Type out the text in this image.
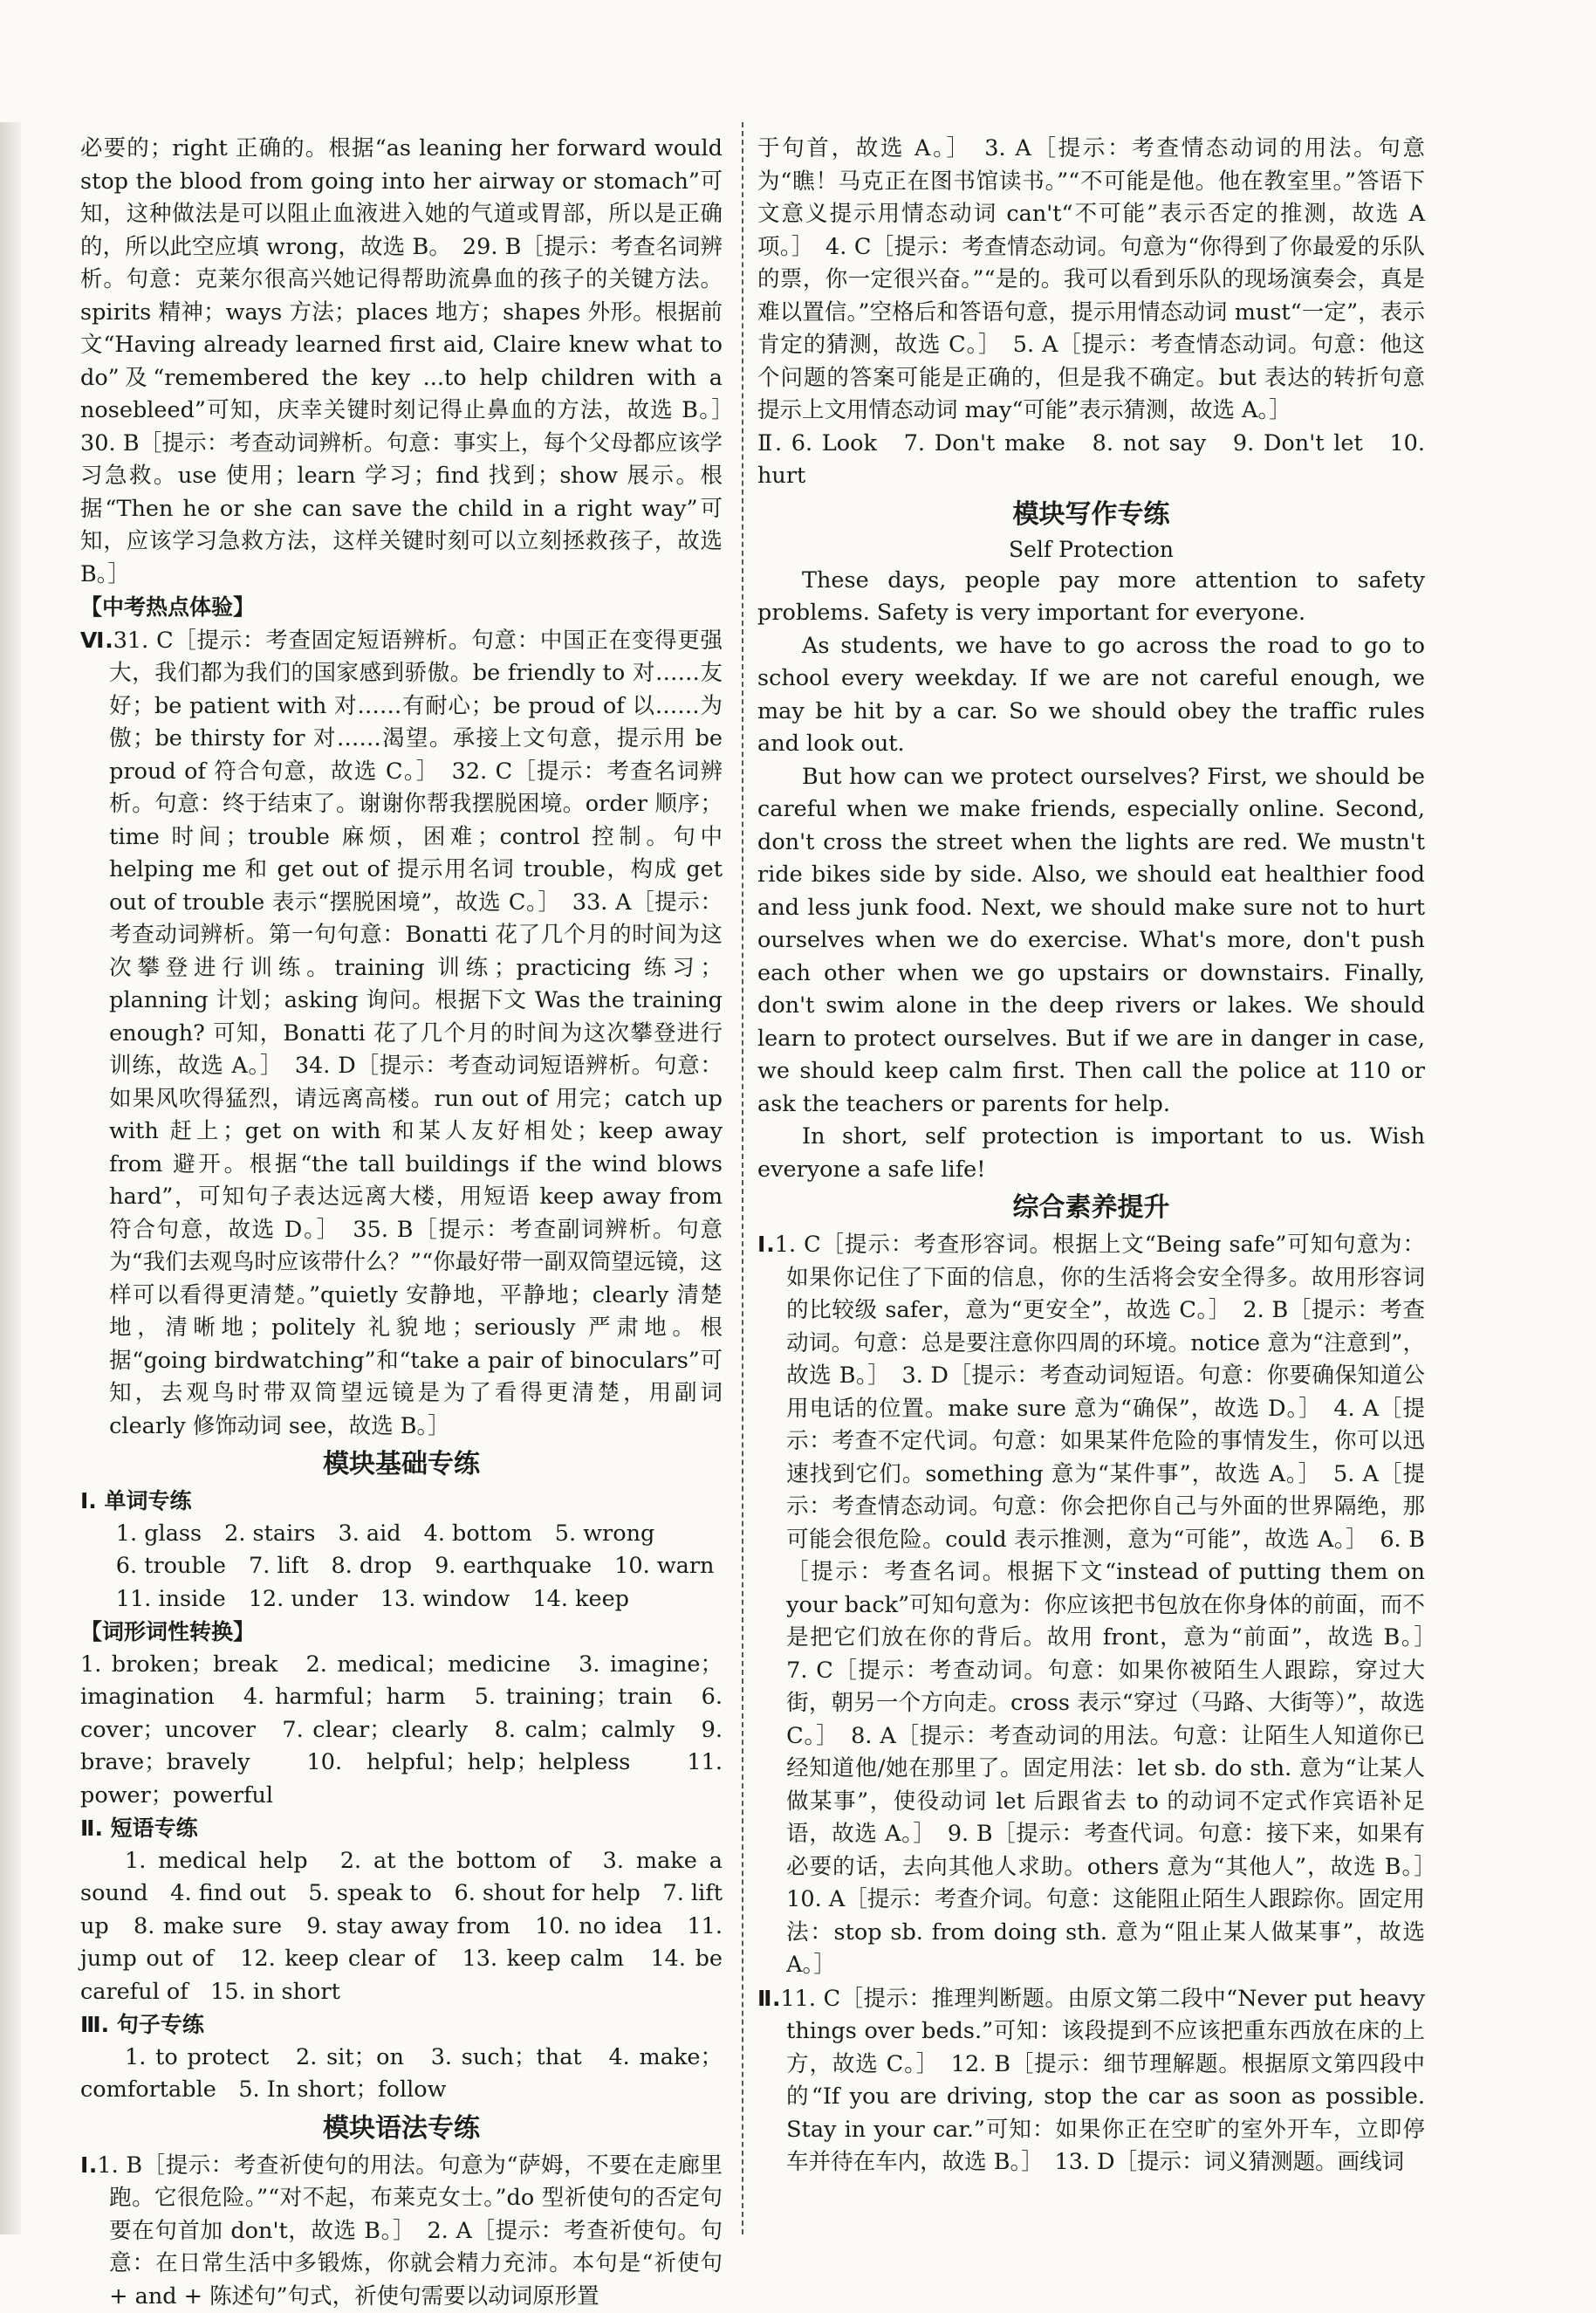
必要的；right 正确的。根据“as leaning her forward would stop the blood from going into her airway or stomach”可知，这种做法是可以阻止血液进入她的气道或胃部，所以是正确的，所以此空应填 wrong，故选 B。　29. B［提示：考查名词辨析。句意：克莱尔很高兴她记得帮助流鼻血的孩子的关键方法。spirits 精神；ways 方法；places 地方；shapes 外形。根据前文“Having already learned first aid, Claire knew what to do”及“remembered the key ...to help children with a nosebleed”可知，庆幸关键时刻记得止鼻血的方法，故选 B。］　30. B［提示：考查动词辨析。句意：事实上，每个父母都应该学习急救。use 使用；learn 学习；find 找到；show 展示。根据“Then he or she can save the child in a right way”可知，应该学习急救方法，这样关键时刻可以立刻拯救孩子，故选 B。］

【中考热点体验】

Ⅵ.31. C［提示：考查固定短语辨析。句意：中国正在变得更强大，我们都为我们的国家感到骄傲。be friendly to 对……友好；be patient with 对……有耐心；be proud of 以……为傲；be thirsty for 对……渴望。承接上文句意，提示用 be proud of 符合句意，故选 C。］　32. C［提示：考查名词辨析。句意：终于结束了。谢谢你帮我摆脱困境。order 顺序；time 时间；trouble 麻烦，困难；control 控制。句中 helping me 和 get out of 提示用名词 trouble，构成 get out of trouble 表示“摆脱困境”，故选 C。］　33. A［提示：考查动词辨析。第一句句意：Bonatti 花了几个月的时间为这次攀登进行训练。training 训练；practicing 练习；planning 计划；asking 询问。根据下文 Was the training enough? 可知，Bonatti 花了几个月的时间为这次攀登进行训练，故选 A。］　34. D［提示：考查动词短语辨析。句意：如果风吹得猛烈，请远离高楼。run out of 用完；catch up with 赶上；get on with 和某人友好相处；keep away from 避开。根据“the tall buildings if the wind blows hard”，可知句子表达远离大楼，用短语 keep away from 符合句意，故选 D。］　35. B［提示：考查副词辨析。句意为“我们去观鸟时应该带什么？”“你最好带一副双筒望远镜，这样可以看得更清楚。”quietly 安静地，平静地；clearly 清楚地，清晰地；politely 礼貌地；seriously 严肃地。根据“going birdwatching”和“take a pair of binoculars”可知，去观鸟时带双筒望远镜是为了看得更清楚，用副词 clearly 修饰动词 see，故选 B。］

模块基础专练
Ⅰ. 单词专练
1. glass 2. stairs 3. aid 4. bottom 5. wrong
6. trouble 7. lift 8. drop 9. earthquake 10. warn
11. inside 12. under 13. window 14. keep
【词形词性转换】

1. broken；break　2. medical；medicine　3. imagine；imagination　4. harmful；harm　5. training；train　6. cover；uncover　7. clear；clearly　8. calm；calmly　9. brave；bravely　10. helpful；help；helpless　11. power；powerful

Ⅱ. 短语专练

1. medical help　2. at the bottom of　3. make a sound　4. find out　5. speak to　6. shout for help　7. lift up　8. make sure　9. stay away from　10. no idea　11. jump out of　12. keep clear of　13. keep calm　14. be careful of　15. in short

Ⅲ. 句子专练

1. to protect　2. sit；on　3. such；that　4. make；comfortable　5. In short；follow

模块语法专练

Ⅰ.1. B［提示：考查祈使句的用法。句意为“萨姆，不要在走廊里跑。它很危险。”“对不起，布莱克女士。”do 型祈使句的否定句要在句首加 don't，故选 B。］　2. A［提示：考查祈使句。句意：在日常生活中多锻炼，你就会精力充沛。本句是“祈使句 + and + 陈述句”句式，祈使句需要以动词原形置

于句首，故选 A。］　3. A［提示：考查情态动词的用法。句意为“瞧！马克正在图书馆读书。”“不可能是他。他在教室里。”答语下文意义提示用情态动词 can't“不可能”表示否定的推测，故选 A 项。］　4. C［提示：考查情态动词。句意为“你得到了你最爱的乐队的票，你一定很兴奋。”“是的。我可以看到乐队的现场演奏会，真是难以置信。”空格后和答语句意，提示用情态动词 must“一定”，表示肯定的猜测，故选 C。］　5. A［提示：考查情态动词。句意：他这个问题的答案可能是正确的，但是我不确定。but 表达的转折句意提示上文用情态动词 may“可能”表示猜测，故选 A。］

Ⅱ. 6. Look　7. Don't make　8. not say　9. Don't let　10. hurt

模块写作专练
Self Protection

These days, people pay more attention to safety problems. Safety is very important for everyone.

As students, we have to go across the road to go to school every weekday. If we are not careful enough, we may be hit by a car. So we should obey the traffic rules and look out.

But how can we protect ourselves? First, we should be careful when we make friends, especially online. Second, don't cross the street when the lights are red. We mustn't ride bikes side by side. Also, we should eat healthier food and less junk food. Next, we should make sure not to hurt ourselves when we do exercise. What's more, don't push each other when we go upstairs or downstairs. Finally, don't swim alone in the deep rivers or lakes. We should learn to protect ourselves. But if we are in danger in case, we should keep calm first. Then call the police at 110 or ask the teachers or parents for help.

In short, self protection is important to us. Wish everyone a safe life!

综合素养提升

Ⅰ.1. C［提示：考查形容词。根据上文“Being safe”可知句意为：如果你记住了下面的信息，你的生活将会安全得多。故用形容词的比较级 safer，意为“更安全”，故选 C。］　2. B［提示：考查动词。句意：总是要注意你四周的环境。notice 意为“注意到”，故选 B。］　3. D［提示：考查动词短语。句意：你要确保知道公用电话的位置。make sure 意为“确保”，故选 D。］　4. A［提示：考查不定代词。句意：如果某件危险的事情发生，你可以迅速找到它们。something 意为“某件事”，故选 A。］　5. A［提示：考查情态动词。句意：你会把你自己与外面的世界隔绝，那可能会很危险。could 表示推测，意为“可能”，故选 A。］　6. B［提示：考查名词。根据下文“instead of putting them on your back”可知句意为：你应该把书包放在你身体的前面，而不是把它们放在你的背后。故用 front，意为“前面”，故选 B。］　7. C［提示：考查动词。句意：如果你被陌生人跟踪，穿过大街，朝另一个方向走。cross 表示“穿过（马路、大街等）”，故选 C。］　8. A［提示：考查动词的用法。句意：让陌生人知道你已经知道他/她在那里了。固定用法：let sb. do sth. 意为“让某人做某事”，使役动词 let 后跟省去 to 的动词不定式作宾语补足语，故选 A。］　9. B［提示：考查代词。句意：接下来，如果有必要的话，去向其他人求助。others 意为“其他人”，故选 B。］　10. A［提示：考查介词。句意：这能阻止陌生人跟踪你。固定用法：stop sb. from doing sth. 意为“阻止某人做某事”，故选 A。］

Ⅱ.11. C［提示：推理判断题。由原文第二段中“Never put heavy things over beds.”可知：该段提到不应该把重东西放在床的上方，故选 C。］　12. B［提示：细节理解题。根据原文第四段中的“If you are driving, stop the car as soon as possible. Stay in your car.”可知：如果你正在空旷的室外开车，立即停车并待在车内，故选 B。］　13. D［提示：词义猜测题。画线词
